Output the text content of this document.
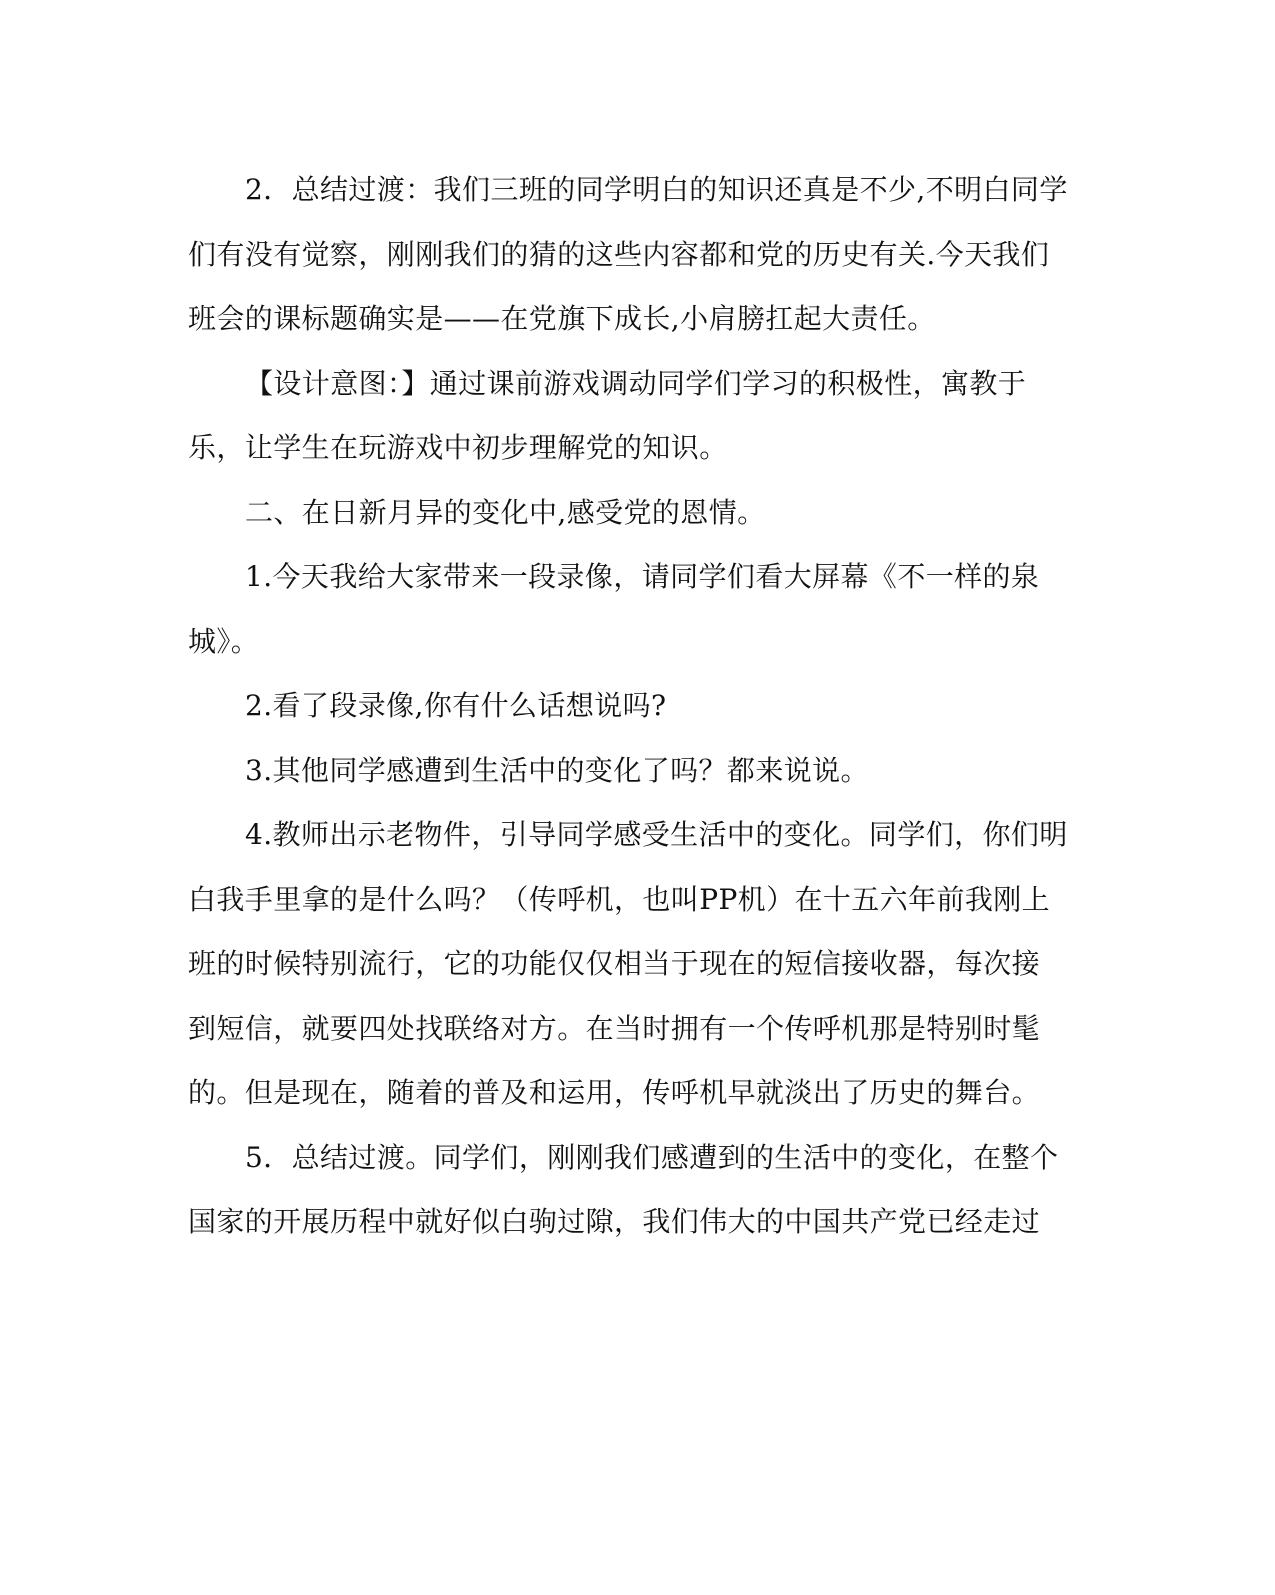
2．总结过渡：我们三班的同学明白的知识还真是不少,不明白同学们有没有觉察，刚刚我们的猜的这些内容都和党的历史有关.今天我们班会的课标题确实是——在党旗下成长,小肩膀扛起大责任。

【设计意图：】通过课前游戏调动同学们学习的积极性，寓教于乐，让学生在玩游戏中初步理解党的知识。

二、在日新月异的变化中,感受党的恩情。

1.今天我给大家带来一段录像，请同学们看大屏幕《不一样的泉城》。

2.看了段录像,你有什么话想说吗?

3.其他同学感遭到生活中的变化了吗？都来说说。

4.教师出示老物件，引导同学感受生活中的变化。同学们，你们明白我手里拿的是什么吗？（传呼机，也叫PP机）在十五六年前我刚上班的时候特别流行，它的功能仅仅相当于现在的短信接收器，每次接到短信，就要四处找联络对方。在当时拥有一个传呼机那是特别时髦的。但是现在，随着的普及和运用，传呼机早就淡出了历史的舞台。

5．总结过渡。同学们，刚刚我们感遭到的生活中的变化，在整个国家的开展历程中就好似白驹过隙，我们伟大的中国共产党已经走过
